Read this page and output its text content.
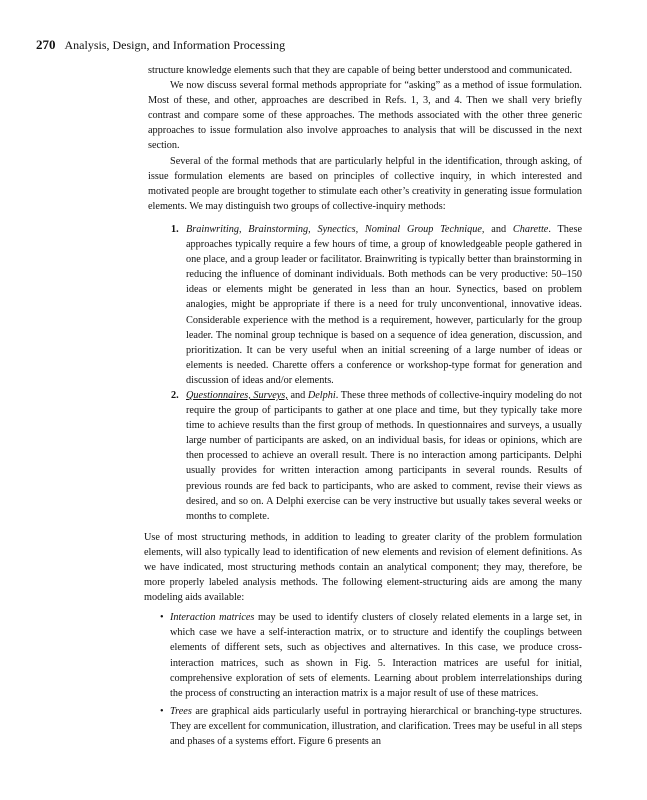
270 Analysis, Design, and Information Processing

structure knowledge elements such that they are capable of being better understood and communicated.

We now discuss several formal methods appropriate for “asking” as a method of issue formulation. Most of these, and other, approaches are described in Refs. 1, 3, and 4. Then we shall very briefly contrast and compare some of these approaches. The methods associated with the other three generic approaches to issue formulation also involve approaches to analysis that will be discussed in the next section.

Several of the formal methods that are particularly helpful in the identification, through asking, of issue formulation elements are based on principles of collective inquiry, in which interested and motivated people are brought together to stimulate each other’s creativity in generating issue formulation elements. We may distinguish two groups of collective-inquiry methods:

1. Brainwriting, Brainstorming, Synectics, Nominal Group Technique, and Charette. These approaches typically require a few hours of time, a group of knowledgeable people gathered in one place, and a group leader or facilitator. Brainwriting is typically better than brainstorming in reducing the influence of dominant individuals. Both methods can be very productive: 50–150 ideas or elements might be generated in less than an hour. Synectics, based on problem analogies, might be appropriate if there is a need for truly unconventional, innovative ideas. Considerable experience with the method is a requirement, however, particularly for the group leader. The nominal group technique is based on a sequence of idea generation, discussion, and prioritization. It can be very useful when an initial screening of a large number of ideas or elements is needed. Charette offers a conference or workshop-type format for generation and discussion of ideas and/or elements.
2. Questionnaires, Surveys, and Delphi. These three methods of collective-inquiry modeling do not require the group of participants to gather at one place and time, but they typically take more time to achieve results than the first group of methods. In questionnaires and surveys, a usually large number of participants are asked, on an individual basis, for ideas or opinions, which are then processed to achieve an overall result. There is no interaction among participants. Delphi usually provides for written interaction among participants in several rounds. Results of previous rounds are fed back to participants, who are asked to comment, revise their views as desired, and so on. A Delphi exercise can be very instructive but usually takes several weeks or months to complete.

Use of most structuring methods, in addition to leading to greater clarity of the problem formulation elements, will also typically lead to identification of new elements and revision of element definitions. As we have indicated, most structuring methods contain an analytical component; they may, therefore, be more properly labeled analysis methods. The following element-structuring aids are among the many modeling aids available:

• Interaction matrices may be used to identify clusters of closely related elements in a large set, in which case we have a self-interaction matrix, or to structure and identify the couplings between elements of different sets, such as objectives and alternatives. In this case, we produce cross-interaction matrices, such as shown in Fig. 5. Interaction matrices are useful for initial, comprehensive exploration of sets of elements. Learning about problem interrelationships during the process of constructing an interaction matrix is a major result of use of these matrices.
• Trees are graphical aids particularly useful in portraying hierarchical or branching-type structures. They are excellent for communication, illustration, and clarification. Trees may be useful in all steps and phases of a systems effort. Figure 6 presents an
